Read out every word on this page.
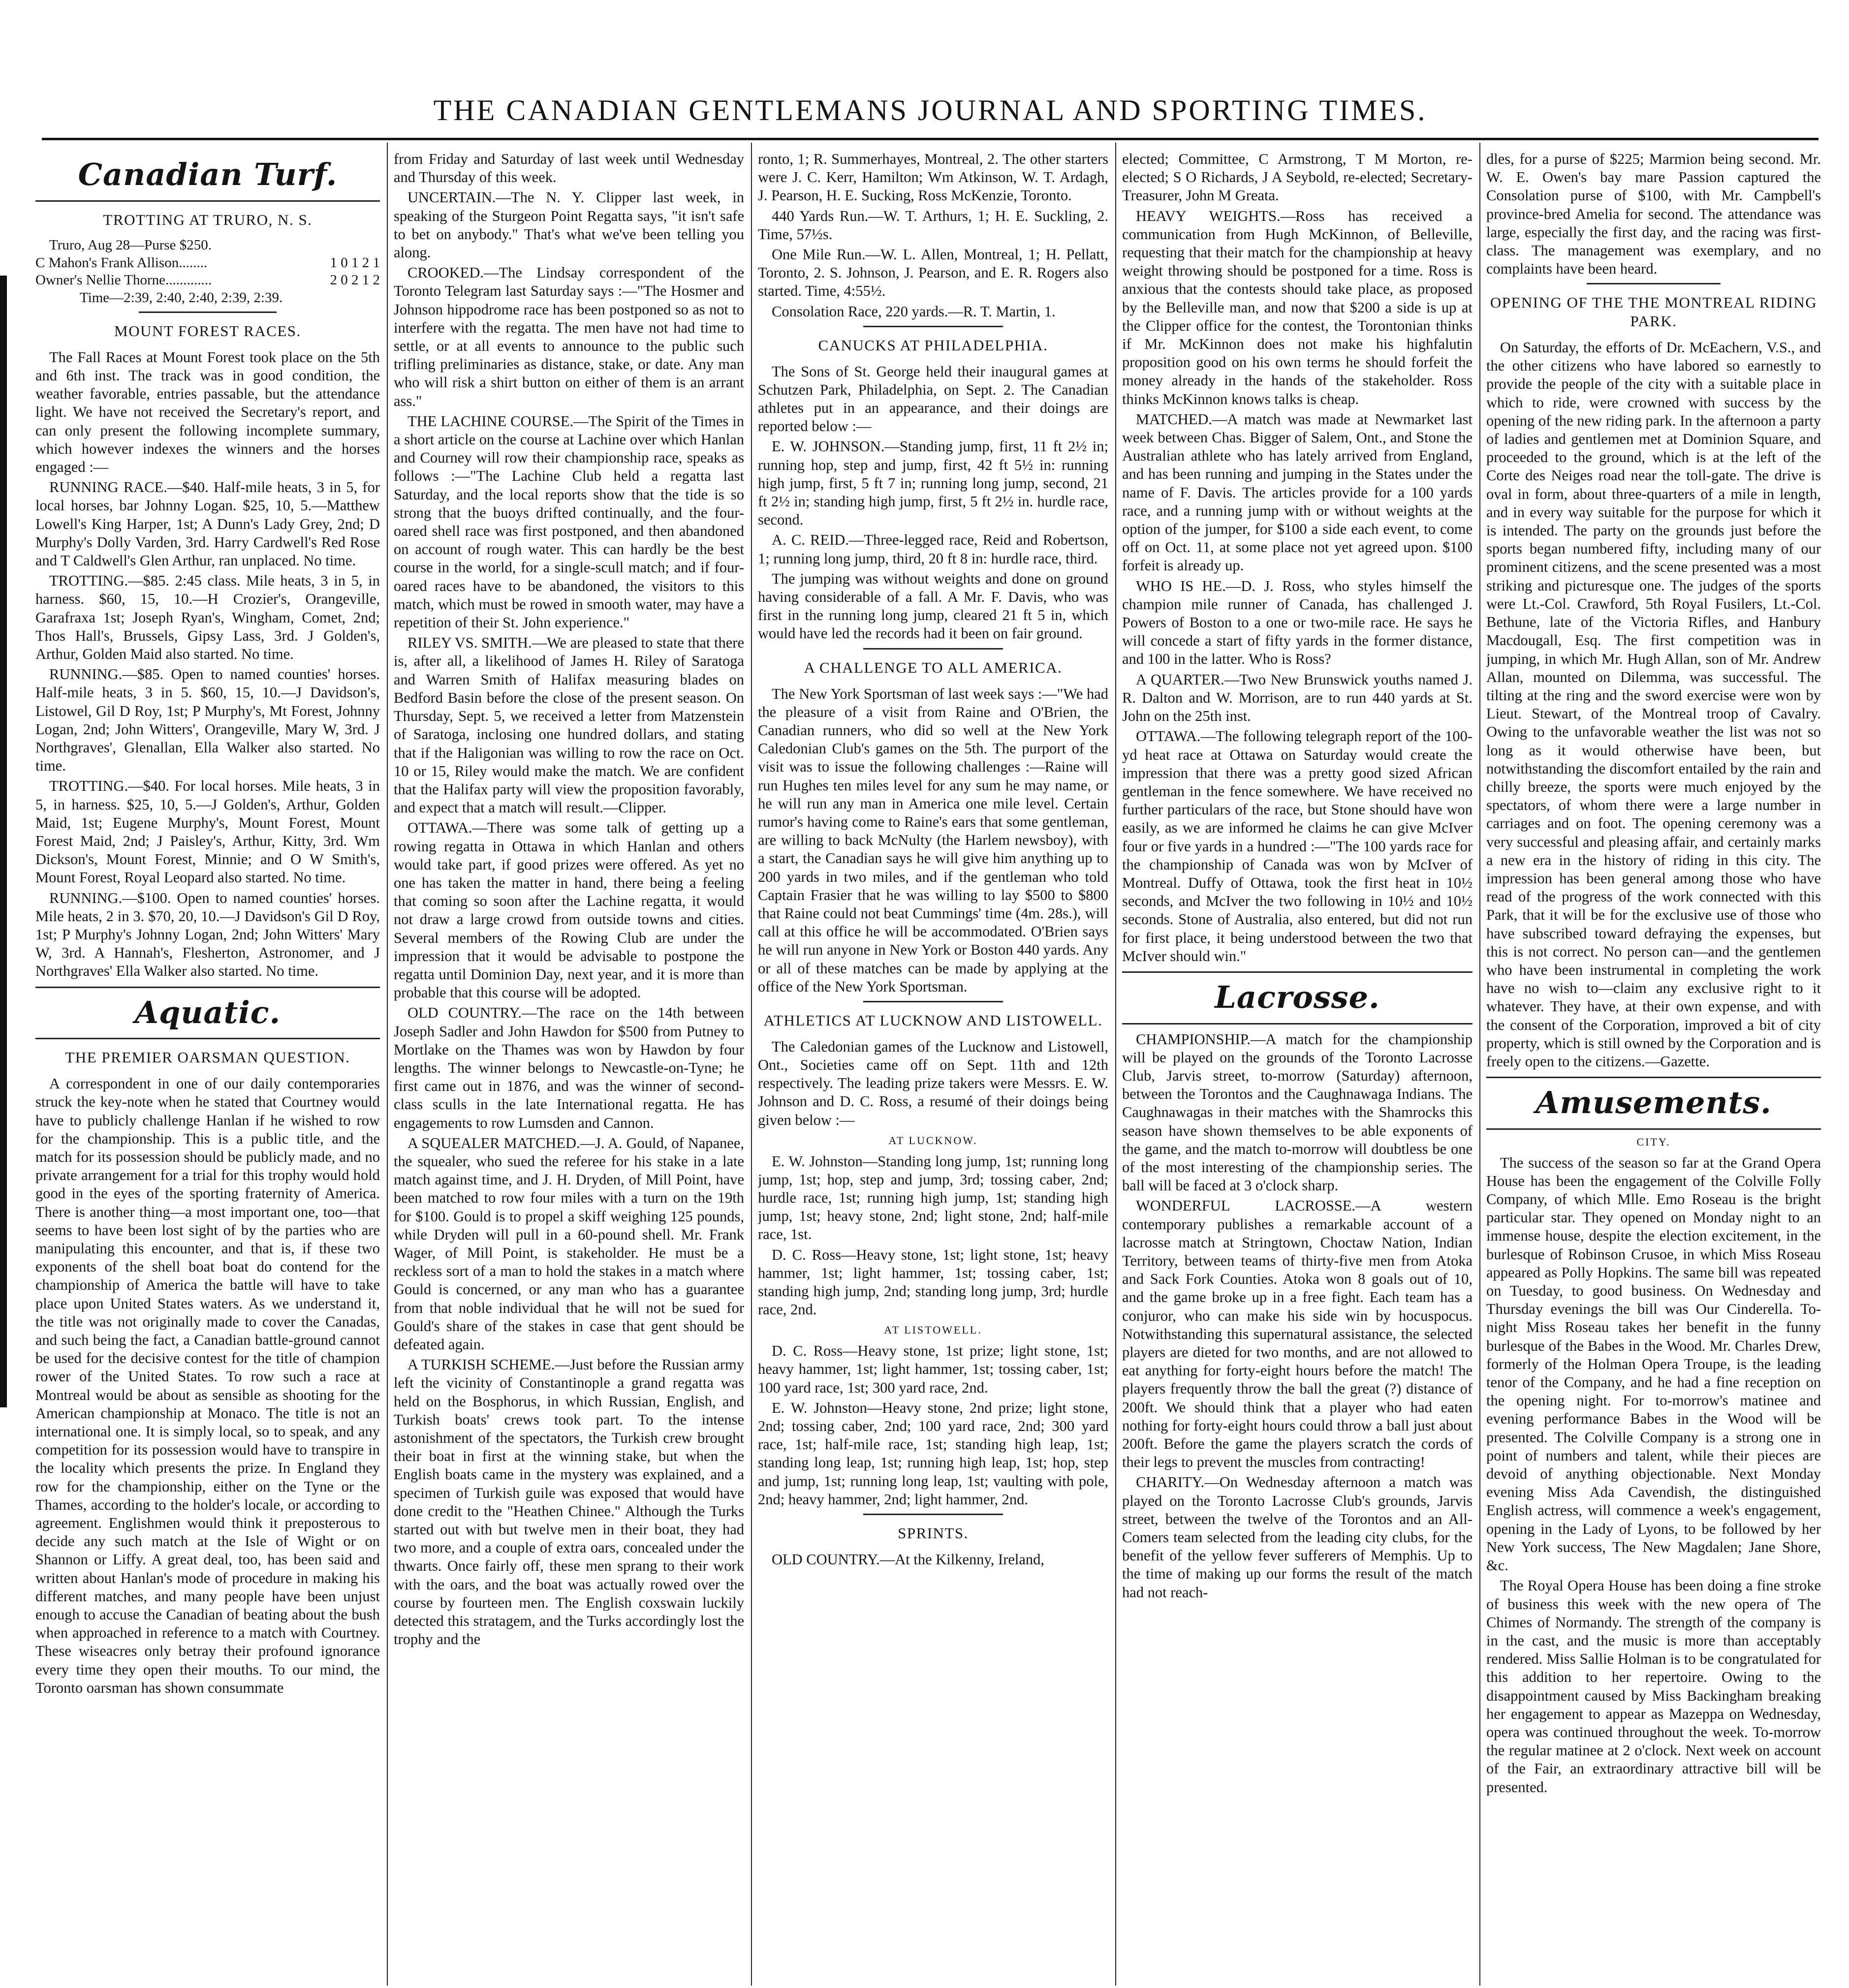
THE CANADIAN GENTLEMANS JOURNAL AND SPORTING TIMES.
Canadian Turf.
TROTTING AT TRURO, N. S.

Truro, Aug 28—Purse $250.

C Mahon's Frank Allison........	1 0 1 2 1
Owner's Nellie Thorne.............	2 0 2 1 2

Time—2:39, 2:40, 2:40, 2:39, 2:39.

MOUNT FOREST RACES.

The Fall Races at Mount Forest took place on the 5th and 6th inst. The track was in good condition, the weather favorable, entries passable, but the attendance light. We have not received the Secretary's report, and can only present the following incomplete summary, which however indexes the winners and the horses engaged :—

RUNNING RACE.—$40. Half-mile heats, 3 in 5, for local horses, bar Johnny Logan. $25, 10, 5.—Matthew Lowell's King Harper, 1st; A Dunn's Lady Grey, 2nd; D Murphy's Dolly Varden, 3rd. Harry Cardwell's Red Rose and T Caldwell's Glen Arthur, ran unplaced. No time.

TROTTING.—$85. 2:45 class. Mile heats, 3 in 5, in harness. $60, 15, 10.—H Crozier's, Orangeville, Garafraxa 1st; Joseph Ryan's, Wingham, Comet, 2nd; Thos Hall's, Brussels, Gipsy Lass, 3rd. J Golden's, Arthur, Golden Maid also started. No time.

RUNNING.—$85. Open to named counties' horses. Half-mile heats, 3 in 5. $60, 15, 10.—J Davidson's, Listowel, Gil D Roy, 1st; P Murphy's, Mt Forest, Johnny Logan, 2nd; John Witters', Orangeville, Mary W, 3rd. J Northgraves', Glenallan, Ella Walker also started. No time.

TROTTING.—$40. For local horses. Mile heats, 3 in 5, in harness. $25, 10, 5.—J Golden's, Arthur, Golden Maid, 1st; Eugene Murphy's, Mount Forest, Mount Forest Maid, 2nd; J Paisley's, Arthur, Kitty, 3rd. Wm Dickson's, Mount Forest, Minnie; and O W Smith's, Mount Forest, Royal Leopard also started. No time.

RUNNING.—$100. Open to named counties' horses. Mile heats, 2 in 3. $70, 20, 10.—J Davidson's Gil D Roy, 1st; P Murphy's Johnny Logan, 2nd; John Witters' Mary W, 3rd. A Hannah's, Flesherton, Astronomer, and J Northgraves' Ella Walker also started. No time.

Aquatic.
THE PREMIER OARSMAN QUESTION.

A correspondent in one of our daily contemporaries struck the key-note when he stated that Courtney would have to publicly challenge Hanlan if he wished to row for the championship. This is a public title, and the match for its possession should be publicly made, and no private arrangement for a trial for this trophy would hold good in the eyes of the sporting fraternity of America. There is another thing—a most important one, too—that seems to have been lost sight of by the parties who are manipulating this encounter, and that is, if these two exponents of the shell boat boat do contend for the championship of America the battle will have to take place upon United States waters. As we understand it, the title was not originally made to cover the Canadas, and such being the fact, a Canadian battle-ground cannot be used for the decisive contest for the title of champion rower of the United States. To row such a race at Montreal would be about as sensible as shooting for the American championship at Monaco. The title is not an international one. It is simply local, so to speak, and any competition for its possession would have to transpire in the locality which presents the prize. In England they row for the championship, either on the Tyne or the Thames, according to the holder's locale, or according to agreement. Englishmen would think it preposterous to decide any such match at the Isle of Wight or on Shannon or Liffy. A great deal, too, has been said and written about Hanlan's mode of procedure in making his different matches, and many people have been unjust enough to accuse the Canadian of beating about the bush when approached in reference to a match with Courtney. These wiseacres only betray their profound ignorance every time they open their mouths. To our mind, the Toronto oarsman has shown consummate

from Friday and Saturday of last week until Wednesday and Thursday of this week.

UNCERTAIN.—The N. Y. Clipper last week, in speaking of the Sturgeon Point Regatta says, "it isn't safe to bet on anybody." That's what we've been telling you along.

CROOKED.—The Lindsay correspondent of the Toronto Telegram last Saturday says :—"The Hosmer and Johnson hippodrome race has been postponed so as not to interfere with the regatta. The men have not had time to settle, or at all events to announce to the public such trifling preliminaries as distance, stake, or date. Any man who will risk a shirt button on either of them is an arrant ass."

THE LACHINE COURSE.—The Spirit of the Times in a short article on the course at Lachine over which Hanlan and Courney will row their championship race, speaks as follows :—"The Lachine Club held a regatta last Saturday, and the local reports show that the tide is so strong that the buoys drifted continually, and the four-oared shell race was first postponed, and then abandoned on account of rough water. This can hardly be the best course in the world, for a single-scull match; and if four-oared races have to be abandoned, the visitors to this match, which must be rowed in smooth water, may have a repetition of their St. John experience."

RILEY VS. SMITH.—We are pleased to state that there is, after all, a likelihood of James H. Riley of Saratoga and Warren Smith of Halifax measuring blades on Bedford Basin before the close of the present season. On Thursday, Sept. 5, we received a letter from Matzenstein of Saratoga, inclosing one hundred dollars, and stating that if the Haligonian was willing to row the race on Oct. 10 or 15, Riley would make the match. We are confident that the Halifax party will view the proposition favorably, and expect that a match will result.—Clipper.

OTTAWA.—There was some talk of getting up a rowing regatta in Ottawa in which Hanlan and others would take part, if good prizes were offered. As yet no one has taken the matter in hand, there being a feeling that coming so soon after the Lachine regatta, it would not draw a large crowd from outside towns and cities. Several members of the Rowing Club are under the impression that it would be advisable to postpone the regatta until Dominion Day, next year, and it is more than probable that this course will be adopted.

OLD COUNTRY.—The race on the 14th between Joseph Sadler and John Hawdon for $500 from Putney to Mortlake on the Thames was won by Hawdon by four lengths. The winner belongs to Newcastle-on-Tyne; he first came out in 1876, and was the winner of second-class sculls in the late International regatta. He has engagements to row Lumsden and Cannon.

A SQUEALER MATCHED.—J. A. Gould, of Napanee, the squealer, who sued the referee for his stake in a late match against time, and J. H. Dryden, of Mill Point, have been matched to row four miles with a turn on the 19th for $100. Gould is to propel a skiff weighing 125 pounds, while Dryden will pull in a 60-pound shell. Mr. Frank Wager, of Mill Point, is stakeholder. He must be a reckless sort of a man to hold the stakes in a match where Gould is concerned, or any man who has a guarantee from that noble individual that he will not be sued for Gould's share of the stakes in case that gent should be defeated again.

A TURKISH SCHEME.—Just before the Russian army left the vicinity of Constantinople a grand regatta was held on the Bosphorus, in which Russian, English, and Turkish boats' crews took part. To the intense astonishment of the spectators, the Turkish crew brought their boat in first at the winning stake, but when the English boats came in the mystery was explained, and a specimen of Turkish guile was exposed that would have done credit to the "Heathen Chinee." Although the Turks started out with but twelve men in their boat, they had two more, and a couple of extra oars, concealed under the thwarts. Once fairly off, these men sprang to their work with the oars, and the boat was actually rowed over the course by fourteen men. The English coxswain luckily detected this stratagem, and the Turks accordingly lost the trophy and the

ronto, 1; R. Summerhayes, Montreal, 2. The other starters were J. C. Kerr, Hamilton; Wm Atkinson, W. T. Ardagh, J. Pearson, H. E. Sucking, Ross McKenzie, Toronto.

440 Yards Run.—W. T. Arthurs, 1; H. E. Suckling, 2. Time, 57½s.

One Mile Run.—W. L. Allen, Montreal, 1; H. Pellatt, Toronto, 2. S. Johnson, J. Pearson, and E. R. Rogers also started. Time, 4:55½.

Consolation Race, 220 yards.—R. T. Martin, 1.

CANUCKS AT PHILADELPHIA.

The Sons of St. George held their inaugural games at Schutzen Park, Philadelphia, on Sept. 2. The Canadian athletes put in an appearance, and their doings are reported below :—

E. W. JOHNSON.—Standing jump, first, 11 ft 2½ in; running hop, step and jump, first, 42 ft 5½ in: running high jump, first, 5 ft 7 in; running long jump, second, 21 ft 2½ in; standing high jump, first, 5 ft 2½ in. hurdle race, second.

A. C. REID.—Three-legged race, Reid and Robertson, 1; running long jump, third, 20 ft 8 in: hurdle race, third.

The jumping was without weights and done on ground having considerable of a fall. A Mr. F. Davis, who was first in the running long jump, cleared 21 ft 5 in, which would have led the records had it been on fair ground.

A CHALLENGE TO ALL AMERICA.

The New York Sportsman of last week says :—"We had the pleasure of a visit from Raine and O'Brien, the Canadian runners, who did so well at the New York Caledonian Club's games on the 5th. The purport of the visit was to issue the following challenges :—Raine will run Hughes ten miles level for any sum he may name, or he will run any man in America one mile level. Certain rumor's having come to Raine's ears that some gentleman, are willing to back McNulty (the Harlem newsboy), with a start, the Canadian says he will give him anything up to 200 yards in two miles, and if the gentleman who told Captain Frasier that he was willing to lay $500 to $800 that Raine could not beat Cummings' time (4m. 28s.), will call at this office he will be accommodated. O'Brien says he will run anyone in New York or Boston 440 yards. Any or all of these matches can be made by applying at the office of the New York Sportsman.

ATHLETICS AT LUCKNOW AND LISTOWELL.

The Caledonian games of the Lucknow and Listowell, Ont., Societies came off on Sept. 11th and 12th respectively. The leading prize takers were Messrs. E. W. Johnson and D. C. Ross, a resumé of their doings being given below :—

AT LUCKNOW.

E. W. Johnston—Standing long jump, 1st; running long jump, 1st; hop, step and jump, 3rd; tossing caber, 2nd; hurdle race, 1st; running high jump, 1st; standing high jump, 1st; heavy stone, 2nd; light stone, 2nd; half-mile race, 1st.

D. C. Ross—Heavy stone, 1st; light stone, 1st; heavy hammer, 1st; light hammer, 1st; tossing caber, 1st; standing high jump, 2nd; standing long jump, 3rd; hurdle race, 2nd.

AT LISTOWELL.

D. C. Ross—Heavy stone, 1st prize; light stone, 1st; heavy hammer, 1st; light hammer, 1st; tossing caber, 1st; 100 yard race, 1st; 300 yard race, 2nd.

E. W. Johnston—Heavy stone, 2nd prize; light stone, 2nd; tossing caber, 2nd; 100 yard race, 2nd; 300 yard race, 1st; half-mile race, 1st; standing high leap, 1st; standing long leap, 1st; running high leap, 1st; hop, step and jump, 1st; running long leap, 1st; vaulting with pole, 2nd; heavy hammer, 2nd; light hammer, 2nd.

SPRINTS.

OLD COUNTRY.—At the Kilkenny, Ireland,

elected; Committee, C Armstrong, T M Morton, re-elected; S O Richards, J A Seybold, re-elected; Secretary-Treasurer, John M Greata.

HEAVY WEIGHTS.—Ross has received a communication from Hugh McKinnon, of Belleville, requesting that their match for the championship at heavy weight throwing should be postponed for a time. Ross is anxious that the contests should take place, as proposed by the Belleville man, and now that $200 a side is up at the Clipper office for the contest, the Torontonian thinks if Mr. McKinnon does not make his highfalutin proposition good on his own terms he should forfeit the money already in the hands of the stakeholder. Ross thinks McKinnon knows talks is cheap.

MATCHED.—A match was made at Newmarket last week between Chas. Bigger of Salem, Ont., and Stone the Australian athlete who has lately arrived from England, and has been running and jumping in the States under the name of F. Davis. The articles provide for a 100 yards race, and a running jump with or without weights at the option of the jumper, for $100 a side each event, to come off on Oct. 11, at some place not yet agreed upon. $100 forfeit is already up.

WHO IS HE.—D. J. Ross, who styles himself the champion mile runner of Canada, has challenged J. Powers of Boston to a one or two-mile race. He says he will concede a start of fifty yards in the former distance, and 100 in the latter. Who is Ross?

A QUARTER.—Two New Brunswick youths named J. R. Dalton and W. Morrison, are to run 440 yards at St. John on the 25th inst.

OTTAWA.—The following telegraph report of the 100-yd heat race at Ottawa on Saturday would create the impression that there was a pretty good sized African gentleman in the fence somewhere. We have received no further particulars of the race, but Stone should have won easily, as we are informed he claims he can give McIver four or five yards in a hundred :—"The 100 yards race for the championship of Canada was won by McIver of Montreal. Duffy of Ottawa, took the first heat in 10½ seconds, and McIver the two following in 10½ and 10½ seconds. Stone of Australia, also entered, but did not run for first place, it being understood between the two that McIver should win."

Lacrosse.

CHAMPIONSHIP.—A match for the championship will be played on the grounds of the Toronto Lacrosse Club, Jarvis street, to-morrow (Saturday) afternoon, between the Torontos and the Caughnawaga Indians. The Caughnawagas in their matches with the Shamrocks this season have shown themselves to be able exponents of the game, and the match to-morrow will doubtless be one of the most interesting of the championship series. The ball will be faced at 3 o'clock sharp.

WONDERFUL LACROSSE.—A western contemporary publishes a remarkable account of a lacrosse match at Stringtown, Choctaw Nation, Indian Territory, between teams of thirty-five men from Atoka and Sack Fork Counties. Atoka won 8 goals out of 10, and the game broke up in a free fight. Each team has a conjuror, who can make his side win by hocuspocus. Notwithstanding this supernatural assistance, the selected players are dieted for two months, and are not allowed to eat anything for forty-eight hours before the match! The players frequently throw the ball the great (?) distance of 200ft. We should think that a player who had eaten nothing for forty-eight hours could throw a ball just about 200ft. Before the game the players scratch the cords of their legs to prevent the muscles from contracting!

CHARITY.—On Wednesday afternoon a match was played on the Toronto Lacrosse Club's grounds, Jarvis street, between the twelve of the Torontos and an All-Comers team selected from the leading city clubs, for the benefit of the yellow fever sufferers of Memphis. Up to the time of making up our forms the result of the match had not reach-

dles, for a purse of $225; Marmion being second. Mr. W. E. Owen's bay mare Passion captured the Consolation purse of $100, with Mr. Campbell's province-bred Amelia for second. The attendance was large, especially the first day, and the racing was first-class. The management was exemplary, and no complaints have been heard.

OPENING OF THE THE MONTREAL RIDING PARK.

On Saturday, the efforts of Dr. McEachern, V.S., and the other citizens who have labored so earnestly to provide the people of the city with a suitable place in which to ride, were crowned with success by the opening of the new riding park. In the afternoon a party of ladies and gentlemen met at Dominion Square, and proceeded to the ground, which is at the left of the Corte des Neiges road near the toll-gate. The drive is oval in form, about three-quarters of a mile in length, and in every way suitable for the purpose for which it is intended. The party on the grounds just before the sports began numbered fifty, including many of our prominent citizens, and the scene presented was a most striking and picturesque one. The judges of the sports were Lt.-Col. Crawford, 5th Royal Fusilers, Lt.-Col. Bethune, late of the Victoria Rifles, and Hanbury Macdougall, Esq. The first competition was in jumping, in which Mr. Hugh Allan, son of Mr. Andrew Allan, mounted on Dilemma, was successful. The tilting at the ring and the sword exercise were won by Lieut. Stewart, of the Montreal troop of Cavalry. Owing to the unfavorable weather the list was not so long as it would otherwise have been, but notwithstanding the discomfort entailed by the rain and chilly breeze, the sports were much enjoyed by the spectators, of whom there were a large number in carriages and on foot. The opening ceremony was a very successful and pleasing affair, and certainly marks a new era in the history of riding in this city. The impression has been general among those who have read of the progress of the work connected with this Park, that it will be for the exclusive use of those who have subscribed toward defraying the expenses, but this is not correct. No person can—and the gentlemen who have been instrumental in completing the work have no wish to—claim any exclusive right to it whatever. They have, at their own expense, and with the consent of the Corporation, improved a bit of city property, which is still owned by the Corporation and is freely open to the citizens.—Gazette.

Amusements.
CITY.

The success of the season so far at the Grand Opera House has been the engagement of the Colville Folly Company, of which Mlle. Emo Roseau is the bright particular star. They opened on Monday night to an immense house, despite the election excitement, in the burlesque of Robinson Crusoe, in which Miss Roseau appeared as Polly Hopkins. The same bill was repeated on Tuesday, to good business. On Wednesday and Thursday evenings the bill was Our Cinderella. To-night Miss Roseau takes her benefit in the funny burlesque of the Babes in the Wood. Mr. Charles Drew, formerly of the Holman Opera Troupe, is the leading tenor of the Company, and he had a fine reception on the opening night. For to-morrow's matinee and evening performance Babes in the Wood will be presented. The Colville Company is a strong one in point of numbers and talent, while their pieces are devoid of anything objectionable. Next Monday evening Miss Ada Cavendish, the distinguished English actress, will commence a week's engagement, opening in the Lady of Lyons, to be followed by her New York success, The New Magdalen; Jane Shore, &c.

The Royal Opera House has been doing a fine stroke of business this week with the new opera of The Chimes of Normandy. The strength of the company is in the cast, and the music is more than acceptably rendered. Miss Sallie Holman is to be congratulated for this addition to her repertoire. Owing to the disappointment caused by Miss Backingham breaking her engagement to appear as Mazeppa on Wednesday, opera was continued throughout the week. To-morrow the regular matinee at 2 o'clock. Next week on account of the Fair, an extraordinary attractive bill will be presented.
